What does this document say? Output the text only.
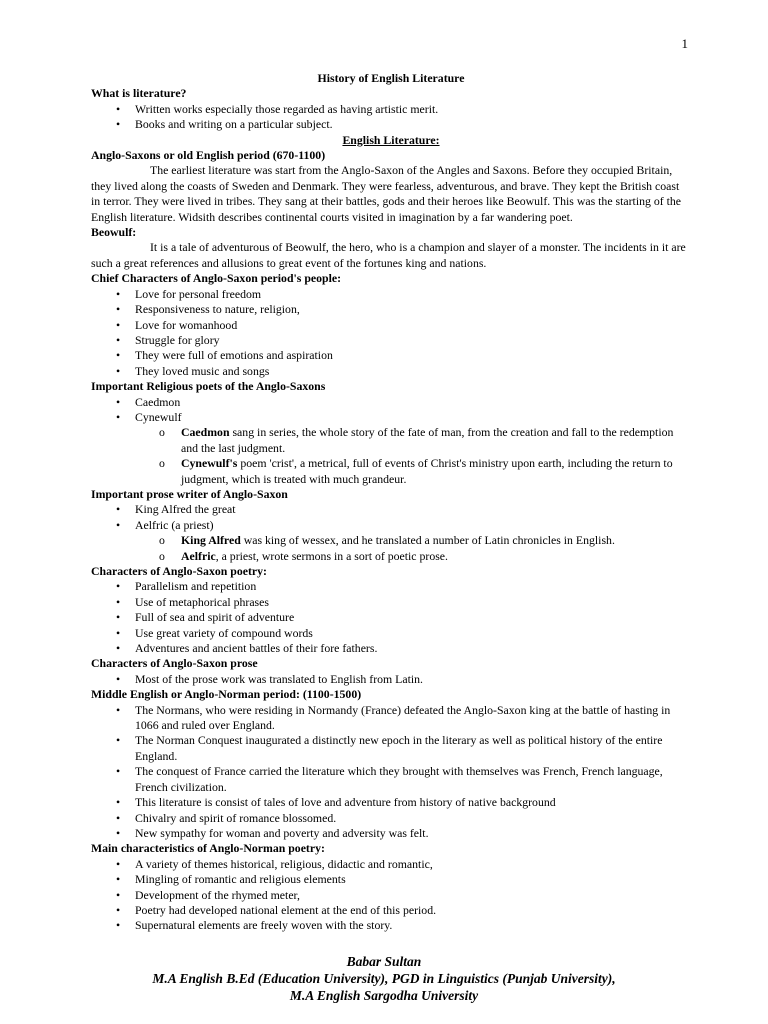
1
History of English Literature
What is literature?
• Written works especially those regarded as having artistic merit.
• Books and writing on a particular subject.
English Literature:
Anglo-Saxons or old English period (670-1100)
The earliest literature was start from the Anglo-Saxon of the Angles and Saxons. Before they occupied Britain, they lived along the coasts of Sweden and Denmark. They were fearless, adventurous, and brave. They kept the British coast in terror. They were lived in tribes. They sang at their battles, gods and their heroes like Beowulf. This was the starting of the English literature. Widsith describes continental courts visited in imagination by a far wandering poet.
Beowulf:
It is a tale of adventurous of Beowulf, the hero, who is a champion and slayer of a monster. The incidents in it are such a great references and allusions to great event of the fortunes king and nations.
Chief Characters of Anglo-Saxon period's people:
• Love for personal freedom
• Responsiveness to nature, religion,
• Love for womanhood
• Struggle for glory
• They were full of emotions and aspiration
• They loved music and songs
Important Religious poets of the Anglo-Saxons
• Caedmon
• Cynewulf
o Caedmon sang in series, the whole story of the fate of man, from the creation and fall to the redemption and the last judgment.
o Cynewulf's poem 'crist', a metrical, full of events of Christ's ministry upon earth, including the return to judgment, which is treated with much grandeur.
Important prose writer of Anglo-Saxon
• King Alfred the great
• Aelfric (a priest)
o King Alfred was king of wessex, and he translated a number of Latin chronicles in English.
o Aelfric, a priest, wrote sermons in a sort of poetic prose.
Characters of Anglo-Saxon poetry:
• Parallelism and repetition
• Use of metaphorical phrases
• Full of sea and spirit of adventure
• Use great variety of compound words
• Adventures and ancient battles of their fore fathers.
Characters of Anglo-Saxon prose
• Most of the prose work was translated to English from Latin.
Middle English or Anglo-Norman period: (1100-1500)
• The Normans, who were residing in Normandy (France) defeated the Anglo-Saxon king at the battle of hasting in 1066 and ruled over England.
• The Norman Conquest inaugurated a distinctly new epoch in the literary as well as political history of the entire England.
• The conquest of France carried the literature which they brought with themselves was French, French language, French civilization.
• This literature is consist of tales of love and adventure from history of native background
• Chivalry and spirit of romance blossomed.
• New sympathy for woman and poverty and adversity was felt.
Main characteristics of Anglo-Norman poetry:
• A variety of themes historical, religious, didactic and romantic,
• Mingling of romantic and religious elements
• Development of the rhymed meter,
• Poetry had developed national element at the end of this period.
• Supernatural elements are freely woven with the story.
Babar Sultan
M.A English B.Ed (Education University), PGD in Linguistics (Punjab University),
M.A English Sargodha University
